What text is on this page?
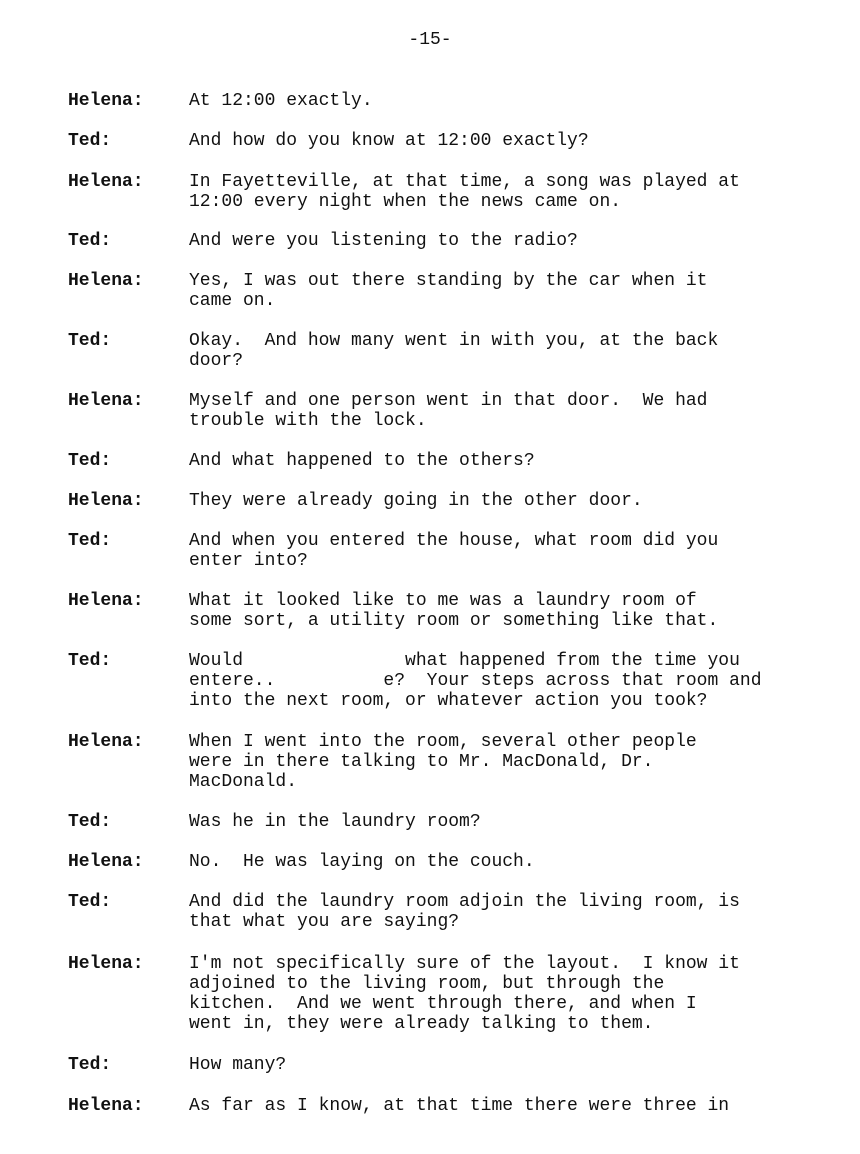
-15-
Helena:	At 12:00 exactly.
Ted:	And how do you know at 12:00 exactly?
Helena:	In Fayetteville, at that time, a song was played at
12:00 every night when the news came on.
Ted:	And were you listening to the radio?
Helena:	Yes, I was out there standing by the car when it
came on.
Ted:	Okay.  And how many went in with you, at the back
door?
Helena:	Myself and one person went in that door.  We had
trouble with the lock.
Ted:	And what happened to the others?
Helena:	They were already going in the other door.
Ted:	And when you entered the house, what room did you
enter into?
Helena:	What it looked like to me was a laundry room of
some sort, a utility room or something like that.
Ted:	Would               what happened from the time you
entere..          e?  Your steps across that room and
into the next room, or whatever action you took?
Helena:	When I went into the room, several other people
were in there talking to Mr. MacDonald, Dr.
MacDonald.
Ted:	Was he in the laundry room?
Helena:	No.  He was laying on the couch.
Ted:	And did the laundry room adjoin the living room, is
that what you are saying?
Helena:	I'm not specifically sure of the layout.  I know it
adjoined to the living room, but through the
kitchen.  And we went through there, and when I
went in, they were already talking to them.
Ted:	How many?
Helena:	As far as I know, at that time there were three in
